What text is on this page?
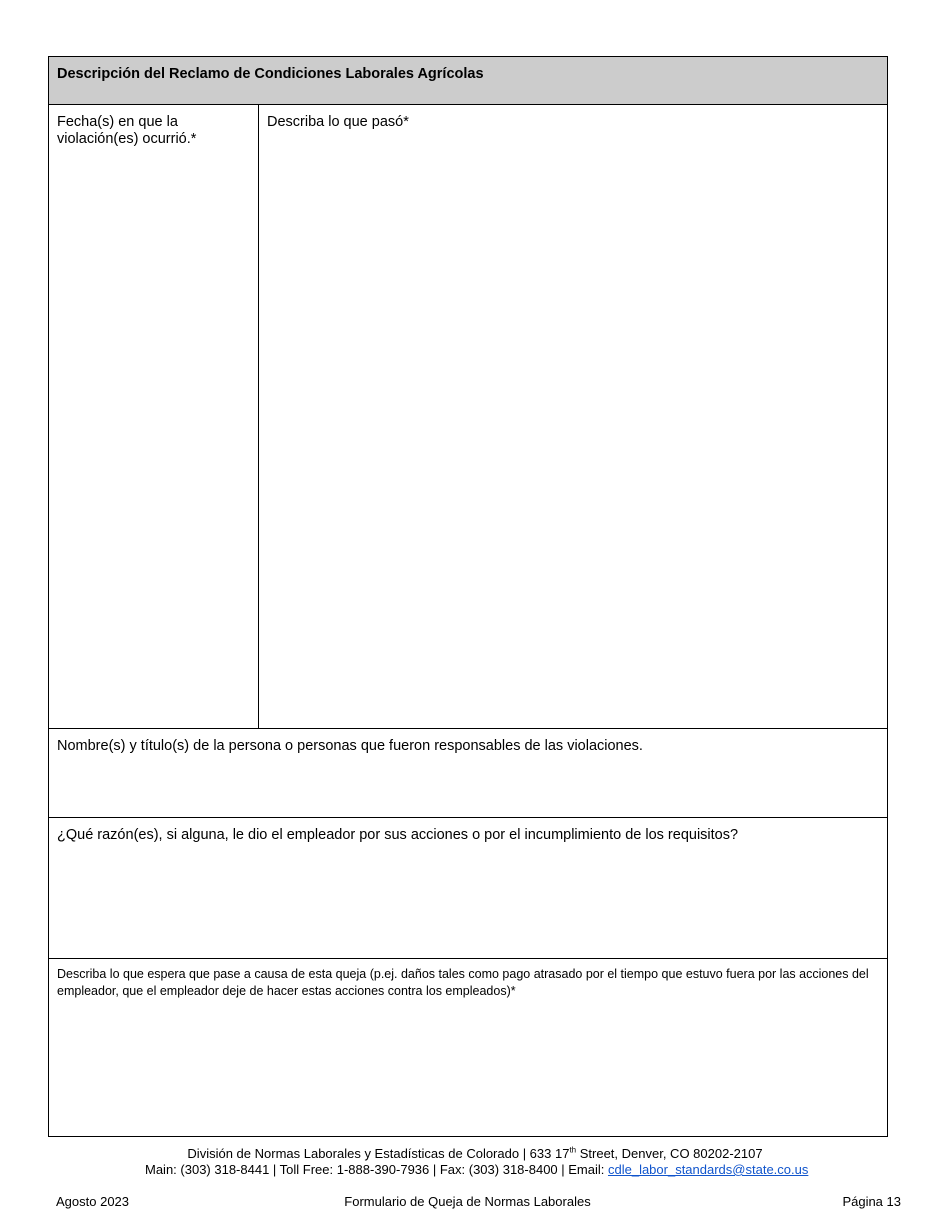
Descripción del Reclamo de Condiciones Laborales Agrícolas
Fecha(s) en que la violación(es) ocurrió.*
Describa lo que pasó*
Nombre(s) y título(s) de la persona o personas que fueron responsables de las violaciones.
¿Qué razón(es), si alguna, le dio el empleador por sus acciones o por el incumplimiento de los requisitos?
Describa lo que espera que pase a causa de esta queja (p.ej. daños tales como pago atrasado por el tiempo que estuvo fuera por las acciones del empleador, que el empleador deje de hacer estas acciones contra los empleados)*
División de Normas Laborales y Estadísticas de Colorado | 633 17th Street, Denver, CO 80202-2107
Main: (303) 318-8441 | Toll Free: 1-888-390-7936 | Fax: (303) 318-8400 | Email: cdle_labor_standards@state.co.us
Agosto 2023	Formulario de Queja de Normas Laborales	Página 13
